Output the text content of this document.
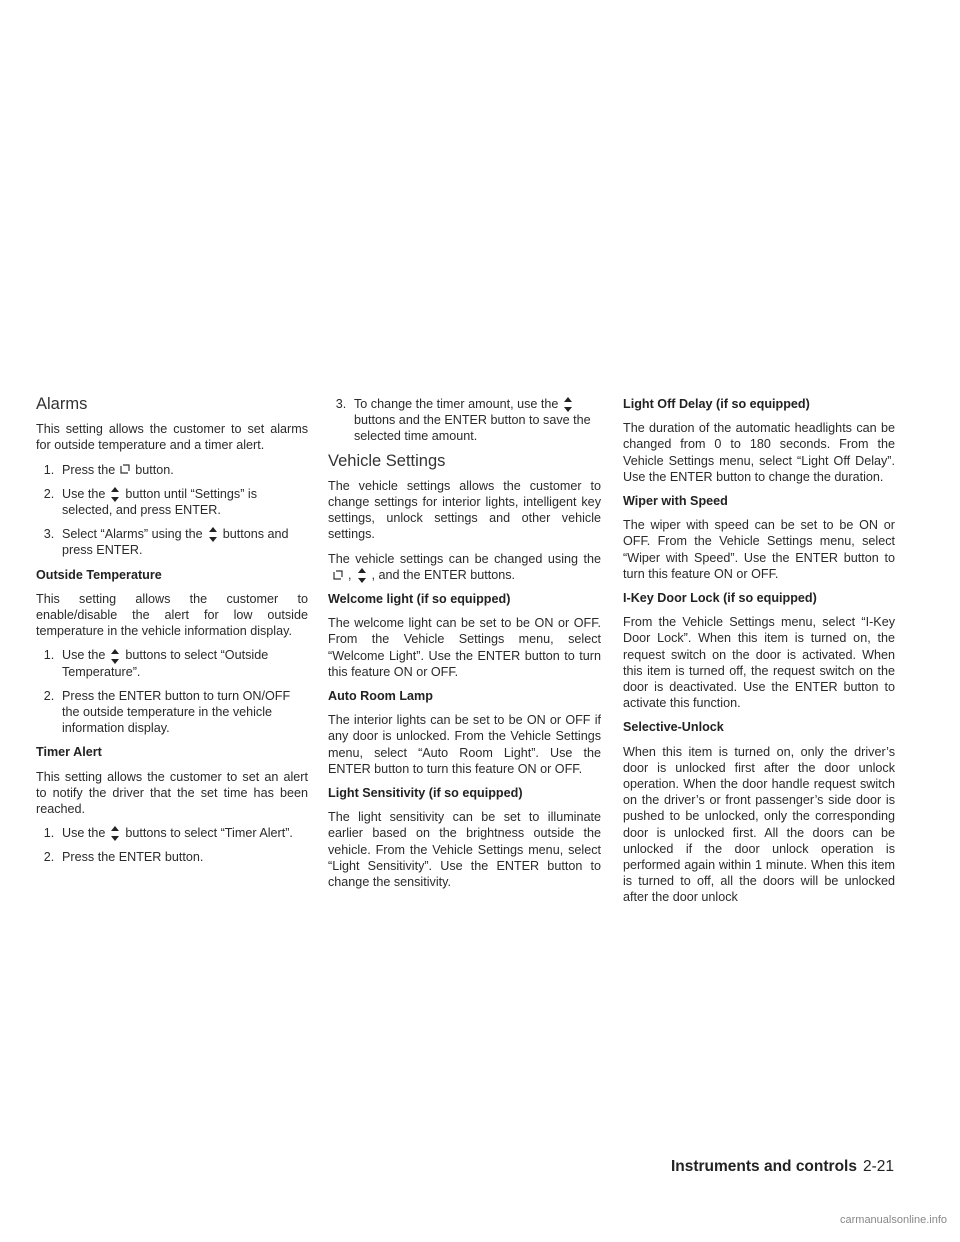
Alarms

This setting allows the customer to set alarms for outside temperature and a timer alert.

1. Press the button.
2. Use the button until “Settings” is selected, and press ENTER.
3. Select “Alarms” using the buttons and press ENTER.
Outside Temperature

This setting allows the customer to enable/disable the alert for low outside temperature in the vehicle information display.

1. Use the buttons to select “Outside Temperature”.
2. Press the ENTER button to turn ON/OFF the outside temperature in the vehicle information display.
Timer Alert

This setting allows the customer to set an alert to notify the driver that the set time has been reached.

1. Use the buttons to select “Timer Alert”.
2. Press the ENTER button.
3. To change the timer amount, use the
buttons and the ENTER button to save the selected time amount.
Vehicle Settings

The vehicle settings allows the customer to change settings for interior lights, intelligent key settings, unlock settings and other vehicle settings.

The vehicle settings can be changed using the
, , and the ENTER buttons.

Welcome light (if so equipped)

The welcome light can be set to be ON or OFF. From the Vehicle Settings menu, select “Welcome Light”. Use the ENTER button to turn this feature ON or OFF.

Auto Room Lamp

The interior lights can be set to be ON or OFF if any door is unlocked. From the Vehicle Settings menu, select “Auto Room Light”. Use the ENTER button to turn this feature ON or OFF.

Light Sensitivity (if so equipped)

The light sensitivity can be set to illuminate earlier based on the brightness outside the vehicle. From the Vehicle Settings menu, select “Light Sensitivity”. Use the ENTER button to change the sensitivity.

Light Off Delay (if so equipped)

The duration of the automatic headlights can be changed from 0 to 180 seconds. From the Vehicle Settings menu, select “Light Off Delay”. Use the ENTER button to change the duration.

Wiper with Speed

The wiper with speed can be set to be ON or OFF. From the Vehicle Settings menu, select “Wiper with Speed”. Use the ENTER button to turn this feature ON or OFF.

I-Key Door Lock (if so equipped)

From the Vehicle Settings menu, select “I-Key Door Lock”. When this item is turned on, the request switch on the door is activated. When this item is turned off, the request switch on the door is deactivated. Use the ENTER button to activate this function.

Selective-Unlock

When this item is turned on, only the driver’s door is unlocked first after the door unlock operation. When the door handle request switch on the driver’s or front passenger’s side door is pushed to be unlocked, only the corresponding door is unlocked first. All the doors can be unlocked if the door unlock operation is performed again within 1 minute. When this item is turned to off, all the doors will be unlocked after the door unlock

Instruments and controls 2-21
carmanualsonline.info
